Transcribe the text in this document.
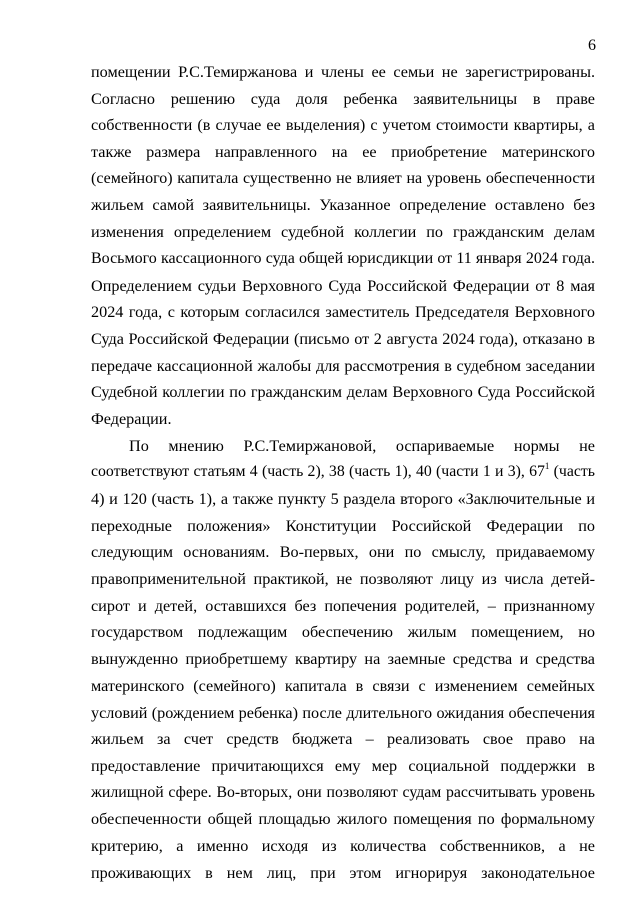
6
помещении Р.С.Темиржанова и члены ее семьи не зарегистрированы.
Согласно решению суда доля ребенка заявительницы в праве
собственности (в случае ее выделения) с учетом стоимости квартиры, а
также размера направленного на ее приобретение материнского
(семейного) капитала существенно не влияет на уровень обеспеченности
жильем самой заявительницы. Указанное определение оставлено без
изменения определением судебной коллегии по гражданским делам
Восьмого кассационного суда общей юрисдикции от 11 января 2024 года.
Определением судьи Верховного Суда Российской Федерации от 8 мая
2024 года, с которым согласился заместитель Председателя Верховного
Суда Российской Федерации (письмо от 2 августа 2024 года), отказано в
передаче кассационной жалобы для рассмотрения в судебном заседании
Судебной коллегии по гражданским делам Верховного Суда Российской
Федерации.
По мнению Р.С.Темиржановой, оспариваемые нормы не
соответствуют статьям 4 (часть 2), 38 (часть 1), 40 (части 1 и 3), $67^1$ (часть
4) и 120 (часть 1), а также пункту 5 раздела второго «Заключительные и
переходные положения» Конституции Российской Федерации по
следующим основаниям. Во-первых, они по смыслу, придаваемому
правоприменительной практикой, не позволяют лицу из числа детей-
сирот и детей, оставшихся без попечения родителей, – признанному
государством подлежащим обеспечению жилым помещением, но
вынужденно приобретшему квартиру на заемные средства и средства
материнского (семейного) капитала в связи с изменением семейных
условий (рождением ребенка) после длительного ожидания обеспечения
жильем за счет средств бюджета – реализовать свое право на
предоставление причитающихся ему мер социальной поддержки в
жилищной сфере. Во-вторых, они позволяют судам рассчитывать уровень
обеспеченности общей площадью жилого помещения по формальному
критерию, а именно исходя из количества собственников, а не
проживающих в нем лиц, при этом игнорируя законодательное
